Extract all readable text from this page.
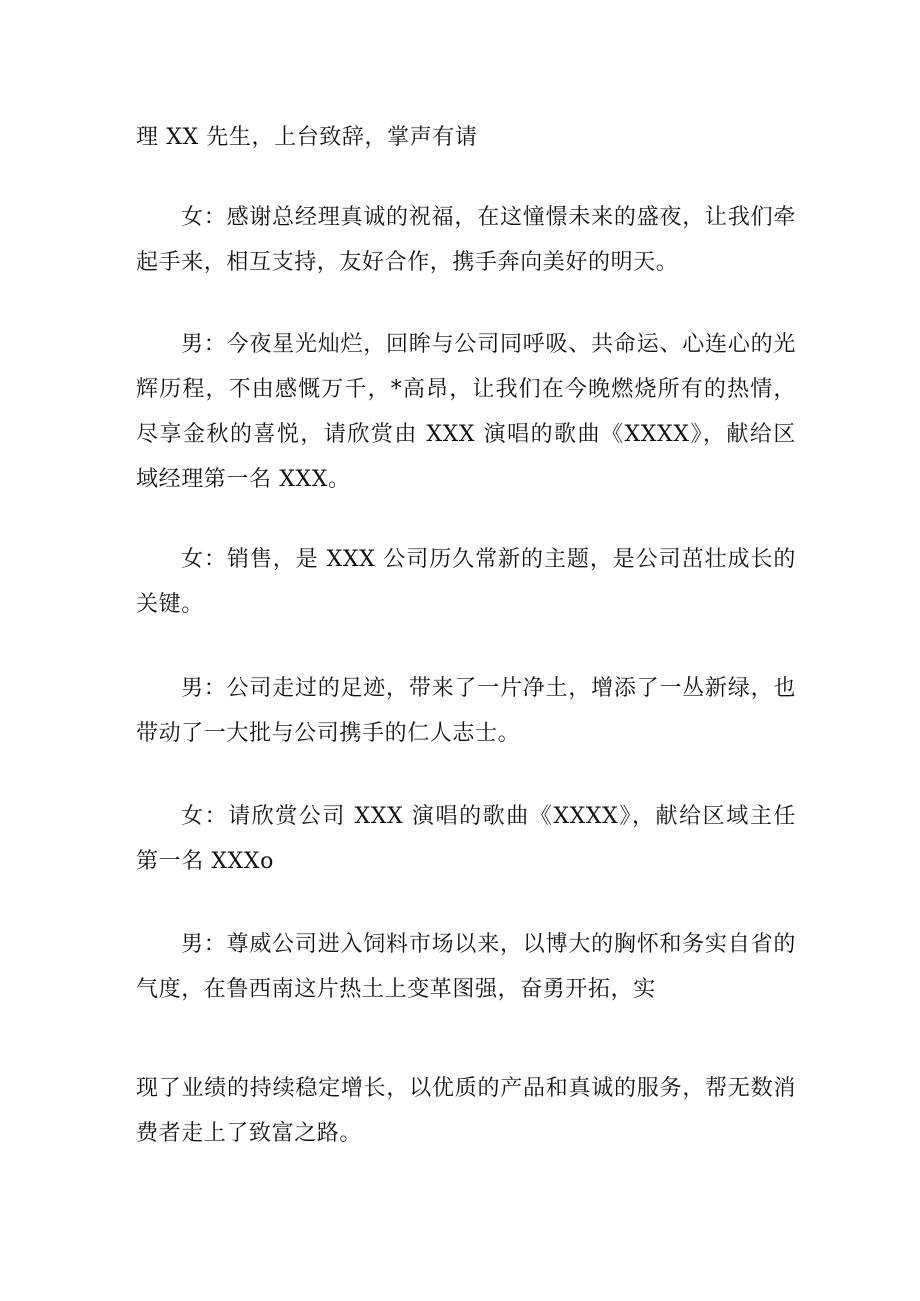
理 XX 先生，上台致辞，掌声有请

女：感谢总经理真诚的祝福，在这憧憬未来的盛夜，让我们牵起手来，相互支持，友好合作，携手奔向美好的明天。

男：今夜星光灿烂，回眸与公司同呼吸、共命运、心连心的光辉历程，不由感慨万千，*高昂，让我们在今晚燃烧所有的热情，尽享金秋的喜悦，请欣赏由 XXX 演唱的歌曲《XXXX》，献给区域经理第一名 XXX。

女：销售，是 XXX 公司历久常新的主题，是公司茁壮成长的关键。

男：公司走过的足迹，带来了一片净土，增添了一丛新绿，也带动了一大批与公司携手的仁人志士。

女：请欣赏公司 XXX 演唱的歌曲《XXXX》，献给区域主任第一名 XXXo

男：尊威公司进入饲料市场以来，以博大的胸怀和务实自省的气度，在鲁西南这片热土上变革图强，奋勇开拓，实

现了业绩的持续稳定增长，以优质的产品和真诚的服务，帮无数消费者走上了致富之路。
